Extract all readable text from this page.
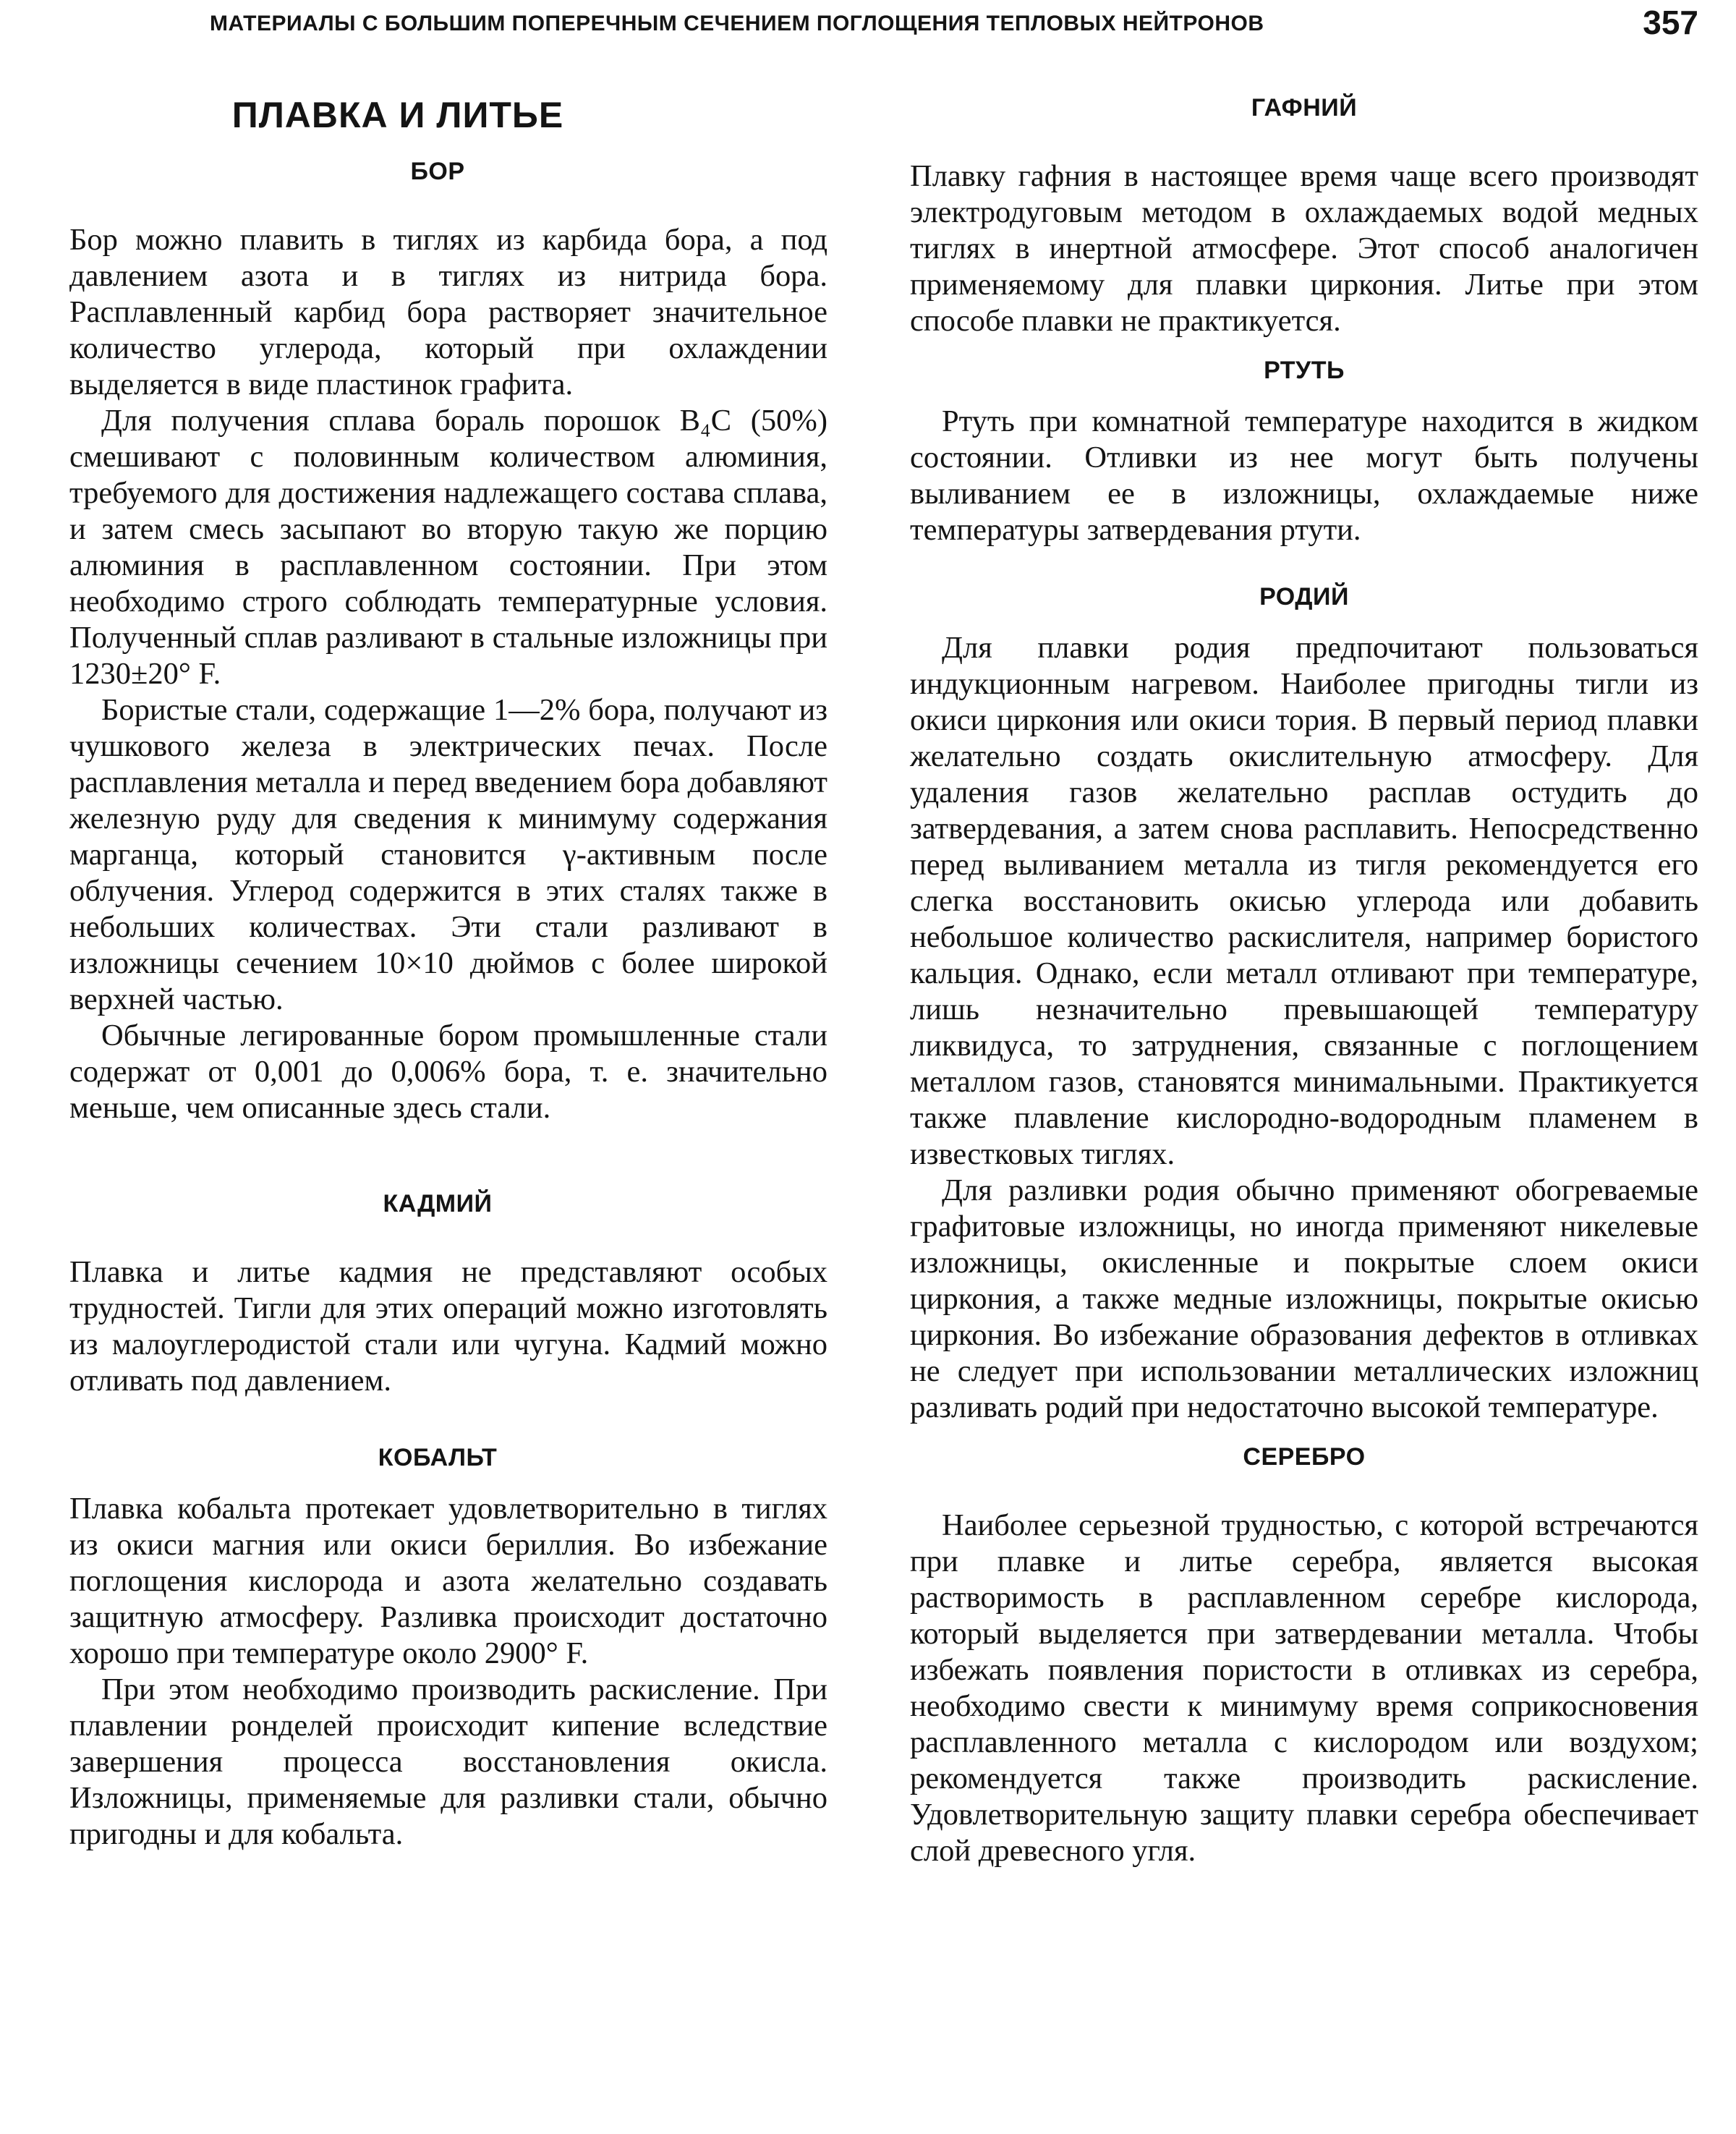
МАТЕРИАЛЫ С БОЛЬШИМ ПОПЕРЕЧНЫМ СЕЧЕНИЕМ ПОГЛОЩЕНИЯ ТЕПЛОВЫХ НЕЙТРОНОВ	357
ПЛАВКА И ЛИТЬЕ
БОР

Бор можно плавить в тиглях из карбида бора, а под давлением азота и в тиглях из нитрида бора. Расплавленный карбид бора растворяет значительное количество углерода, который при охлаждении выделяется в виде пластинок графита.

Для получения сплава бораль порошок B₄C (50%) смешивают с половинным количеством алюминия, требуемого для достижения надлежащего состава сплава, и затем смесь засыпают во вторую такую же порцию алюминия в расплавленном состоянии. При этом необходимо строго соблюдать температурные условия. Полученный сплав разливают в стальные изложницы при 1230±20° F.

Бористые стали, содержащие 1—2% бора, получают из чушкового железа в электрических печах. После расплавления металла и перед введением бора добавляют железную руду для сведения к минимуму содержания марганца, который становится γ-активным после облучения. Углерод содержится в этих сталях также в небольших количествах. Эти стали разливают в изложницы сечением 10×10 дюймов с более широкой верхней частью.

Обычные легированные бором промышленные стали содержат от 0,001 до 0,006% бора, т. е. значительно меньше, чем описанные здесь стали.

КАДМИЙ

Плавка и литье кадмия не представляют особых трудностей. Тигли для этих операций можно изготовлять из малоуглеродистой стали или чугуна. Кадмий можно отливать под давлением.

КОБАЛЬТ

Плавка кобальта протекает удовлетворительно в тиглях из окиси магния или окиси бериллия. Во избежание поглощения кислорода и азота желательно создавать защитную атмосферу. Разливка происходит достаточно хорошо при температуре около 2900° F.

При этом необходимо производить раскисление. При плавлении ронделей происходит кипение вследствие завершения процесса восстановления окисла. Изложницы, применяемые для разливки стали, обычно пригодны и для кобальта.

ГАФНИЙ

Плавку гафния в настоящее время чаще всего производят электродуговым методом в охлаждаемых водой медных тиглях в инертной атмосфере. Этот способ аналогичен применяемому для плавки циркония. Литье при этом способе плавки не практикуется.

РТУТЬ

Ртуть при комнатной температуре находится в жидком состоянии. Отливки из нее могут быть получены выливанием ее в изложницы, охлаждаемые ниже температуры затвердевания ртути.

РОДИЙ

Для плавки родия предпочитают пользоваться индукционным нагревом. Наиболее пригодны тигли из окиси циркония или окиси тория. В первый период плавки желательно создать окислительную атмосферу. Для удаления газов желательно расплав остудить до затвердевания, а затем снова расплавить. Непосредственно перед выливанием металла из тигля рекомендуется его слегка восстановить окисью углерода или добавить небольшое количество раскислителя, например бористого кальция. Однако, если металл отливают при температуре, лишь незначительно превышающей температуру ликвидуса, то затруднения, связанные с поглощением металлом газов, становятся минимальными. Практикуется также плавление кислородно-водородным пламенем в известковых тиглях.

Для разливки родия обычно применяют обогреваемые графитовые изложницы, но иногда применяют никелевые изложницы, окисленные и покрытые слоем окиси циркония, а также медные изложницы, покрытые окисью циркония. Во избежание образования дефектов в отливках не следует при использовании металлических изложниц разливать родий при недостаточно высокой температуре.

СЕРЕБРО

Наиболее серьезной трудностью, с которой встречаются при плавке и литье серебра, является высокая растворимость в расплавленном серебре кислорода, который выделяется при затвердевании металла. Чтобы избежать появления пористости в отливках из серебра, необходимо свести к минимуму время соприкосновения расплавленного металла с кислородом или воздухом; рекомендуется также производить раскисление. Удовлетворительную защиту плавки серебра обеспечивает слой древесного угля.
